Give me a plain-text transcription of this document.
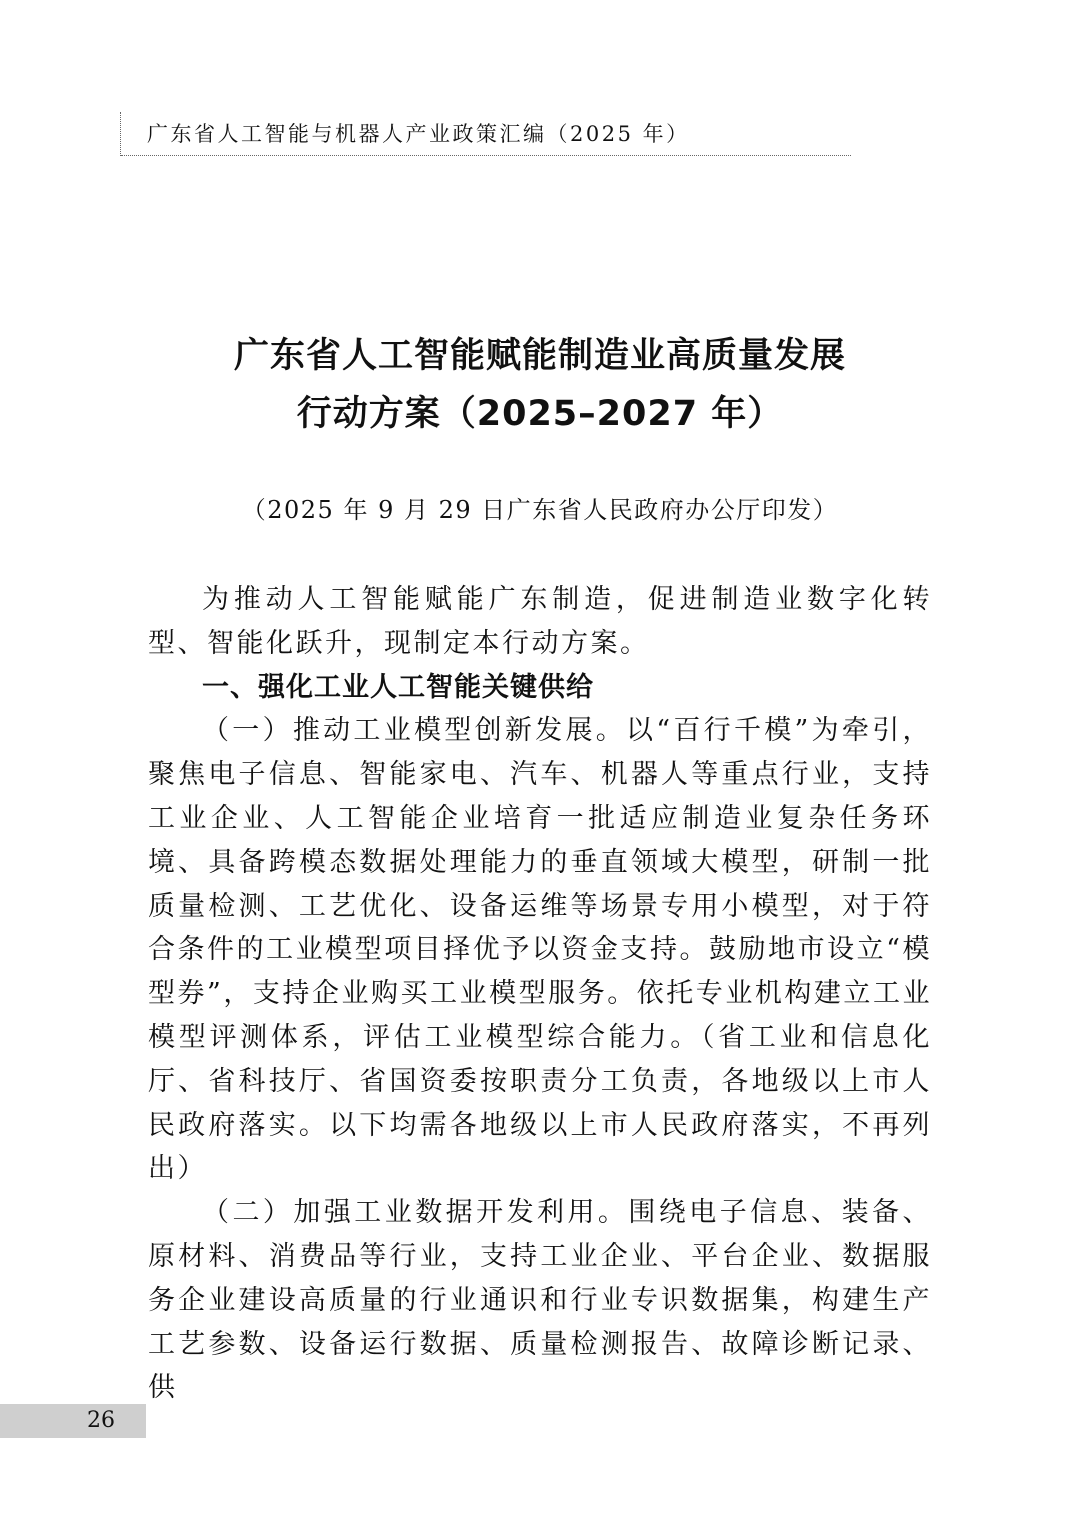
广东省人工智能与机器人产业政策汇编（2025 年）
广东省人工智能赋能制造业高质量发展
行动方案（2025–2027 年）
（2025 年 9 月 29 日广东省人民政府办公厅印发）

为推动人工智能赋能广东制造，促进制造业数字化转型、智能化跃升，现制定本行动方案。

一、强化工业人工智能关键供给

（一）推动工业模型创新发展。以“百行千模”为牵引，聚焦电子信息、智能家电、汽车、机器人等重点行业，支持工业企业、人工智能企业培育一批适应制造业复杂任务环境、具备跨模态数据处理能力的垂直领域大模型，研制一批质量检测、工艺优化、设备运维等场景专用小模型，对于符合条件的工业模型项目择优予以资金支持。鼓励地市设立“模型券”，支持企业购买工业模型服务。依托专业机构建立工业模型评测体系，评估工业模型综合能力。（省工业和信息化厅、省科技厅、省国资委按职责分工负责，各地级以上市人民政府落实。以下均需各地级以上市人民政府落实，不再列出）

（二）加强工业数据开发利用。围绕电子信息、装备、原材料、消费品等行业，支持工业企业、平台企业、数据服务企业建设高质量的行业通识和行业专识数据集，构建生产工艺参数、设备运行数据、质量检测报告、故障诊断记录、供

26
